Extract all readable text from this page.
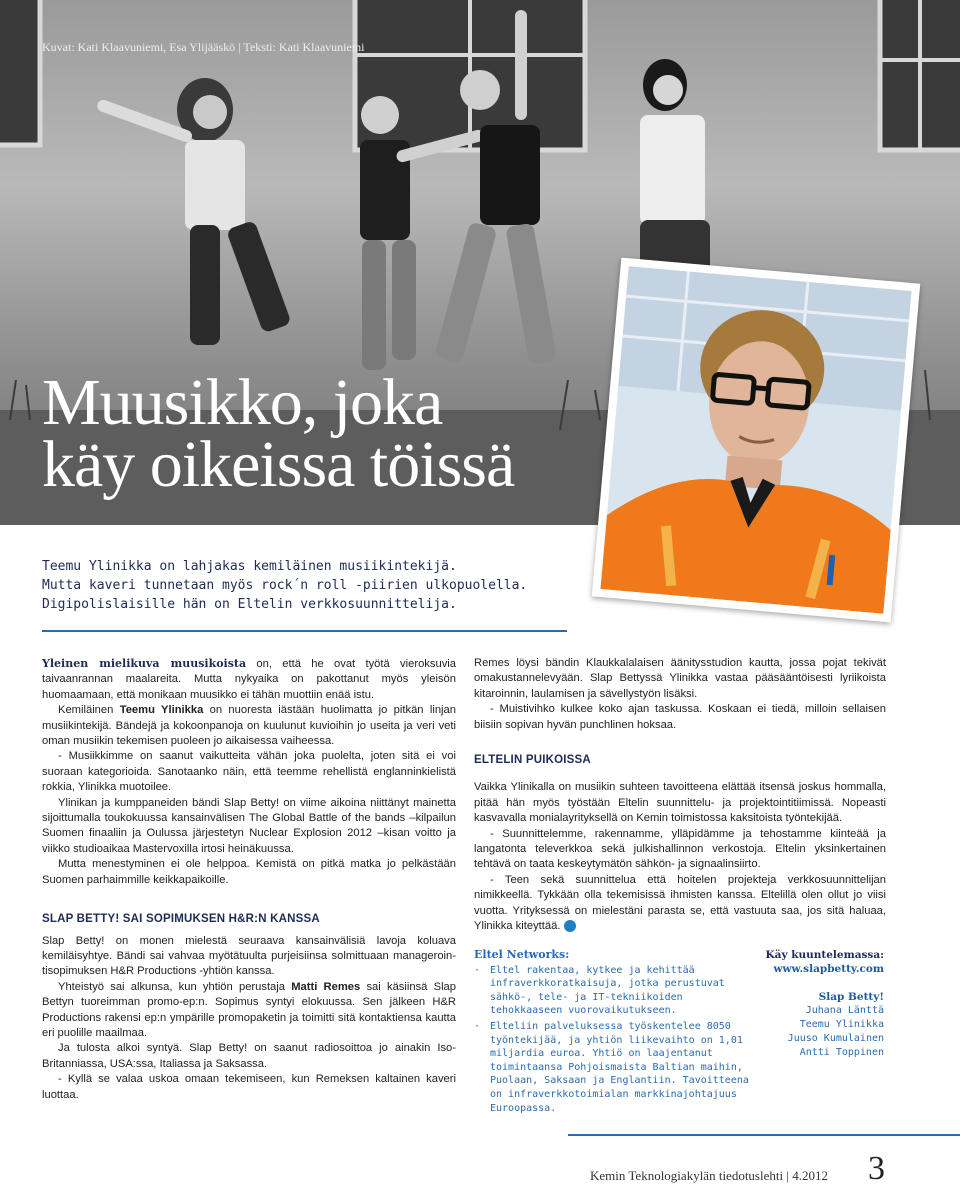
Kuvat: Kati Klaavuniemi, Esa Ylijääskö | Teksti: Kati Klaavuniemi
Muusikko, joka
käy oikeissa töissä
Teemu Ylinikka on lahjakas kemiläinen musiikintekijä.
Mutta kaveri tunnetaan myös rock´n roll -piirien ulkopuolella.
Digipolislaisille hän on Eltelin verkkosuunnittelija.

Yleinen mielikuva muusikoista on, että he ovat työtä vieroksuvia taivaanrannan maalareita. Mutta nykyaika on pakottanut myös yleisön huomaamaan, että monikaan muusikko ei tähän muottiin enää istu.

Kemiläinen Teemu Ylinikka on nuoresta iästään huolimatta jo pitkän linjan musiikintekijä. Bändejä ja kokoonpanoja on kuulunut kuvioihin jo useita ja veri veti oman musiikin tekemisen puoleen jo aikaisessa vaiheessa.

- Musiikkimme on saanut vaikutteita vähän joka puolelta, joten sitä ei voi suoraan kategorioida. Sanotaanko näin, että teemme rehellistä englanninkielistä rokkia, Ylinikka muotoilee.

Ylinikan ja kumppaneiden bändi Slap Betty! on viime aikoina niittänyt mainetta sijoittumalla toukokuussa kansainvälisen The Global Battle of the bands –kilpailun Suomen finaaliin ja Oulussa järjestetyn Nuclear Explosion 2012 –kisan voitto ja viikko studioaikaa Mastervoxilla irtosi heinäkuussa.

Mutta menestyminen ei ole helppoa. Kemistä on pitkä matka jo pelkästään Suomen parhaimmille keikkapaikoille.

SLAP BETTY! SAI SOPIMUKSEN H&R:N KANSSA

Slap Betty! on monen mielestä seuraava kansainvälisiä lavoja koluava kemiläisyhtye. Bändi sai vahvaa myötätuulta purjeisiinsa solmittuaan managerointisopimuksen H&R Productions -yhtiön kanssa.

Yhteistyö sai alkunsa, kun yhtiön perustaja Matti Remes sai käsiinsä Slap Bettyn tuoreimman promo-ep:n. Sopimus syntyi elokuussa. Sen jälkeen H&R Productions rakensi ep:n ympärille promopaketin ja toimitti sitä kontaktiensa kautta eri puolille maailmaa.

Ja tulosta alkoi syntyä. Slap Betty! on saanut radiosoittoa jo ainakin Iso-Britanniassa, USA:ssa, Italiassa ja Saksassa.

- Kyllä se valaa uskoa omaan tekemiseen, kun Remeksen kaltainen kaveri luottaa.

Remes löysi bändin Klaukkalalaisen äänitysstudion kautta, jossa pojat tekivät omakustannelevyään. Slap Bettyssä Ylinikka vastaa pääsääntöisesti lyriikoista kitaroinnin, laulamisen ja sävellystyön lisäksi.

- Muistivihko kulkee koko ajan taskussa. Koskaan ei tiedä, milloin sellaisen biisiin sopivan hyvän punchlinen hoksaa.

ELTELIN PUIKOISSA

Vaikka Ylinikalla on musiikin suhteen tavoitteena elättää itsensä joskus hommalla, pitää hän myös työstään Eltelin suunnittelu- ja projektointitiimissä. Nopeasti kasvavalla monialayrityksellä on Kemin toimistossa kaksitoista työntekijää.

- Suunnittelemme, rakennamme, ylläpidämme ja tehostamme kiinteää ja langatonta televerkkoa sekä julkishallinnon verkostoja. Eltelin yksinkertainen tehtävä on taata keskeytymätön sähkön- ja signaalinsiirto.

- Teen sekä suunnittelua että hoitelen projekteja verkkosuunnittelijan nimikkeellä. Tykkään olla tekemisissä ihmisten kanssa. Eltelillä olen ollut jo viisi vuotta. Yrityksessä on mielestäni parasta se, että vastuuta saa, jos sitä haluaa, Ylinikka kiteyttää.

Eltel Networks:
· Eltel rakentaa, kytkee ja kehittää infraverkkoratkaisuja, jotka perustuvat sähkö-, tele- ja IT-tekniikoiden tehokkaaseen vuorovaikutukseen.
· Elteliin palveluksessa työskentelee 8050 työntekijää, ja yhtiön liikevaihto on 1,01 miljardia euroa. Yhtiö on laajentanut toimintaansa Pohjoismaista Baltian maihin, Puolaan, Saksaan ja Englantiin. Tavoitteena on infraverkkotoimialan markkinajohtajuus Euroopassa.
Käy kuuntelemassa:
www.slapbetty.com
Slap Betty!
Juhana Länttä
Teemu Ylinikka
Juuso Kumulainen
Antti Toppinen
Kemin Teknologiakylän tiedotuslehti | 4.2012 3
